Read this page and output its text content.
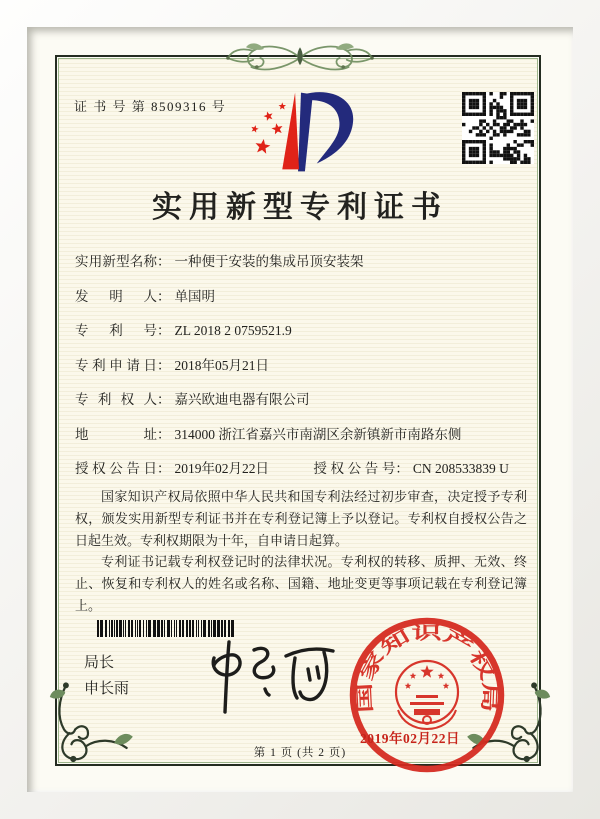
证 书 号 第 8509316 号
实用新型专利证书
实用新型名称： 一种便于安装的集成吊顶安装架
发明人： 单国明
专利号： ZL 2018 2 0759521.9
专利申请日： 2018年05月21日
专利权人： 嘉兴欧迪电器有限公司
地址： 314000 浙江省嘉兴市南湖区余新镇新市南路东侧
授权公告日： 2019年02月22日	授权公告号： CN 208533839 U

国家知识产权局依照中华人民共和国专利法经过初步审查，决定授予专利权，颁发实用新型专利证书并在专利登记簿上予以登记。专利权自授权公告之日起生效。专利权期限为十年，自申请日起算。

专利证书记载专利权登记时的法律状况。专利权的转移、质押、无效、终止、恢复和专利权人的姓名或名称、国籍、地址变更等事项记载在专利登记簿上。

局长
申长雨
国家知识产权局
2019年02月22日
第 1 页 (共 2 页)
